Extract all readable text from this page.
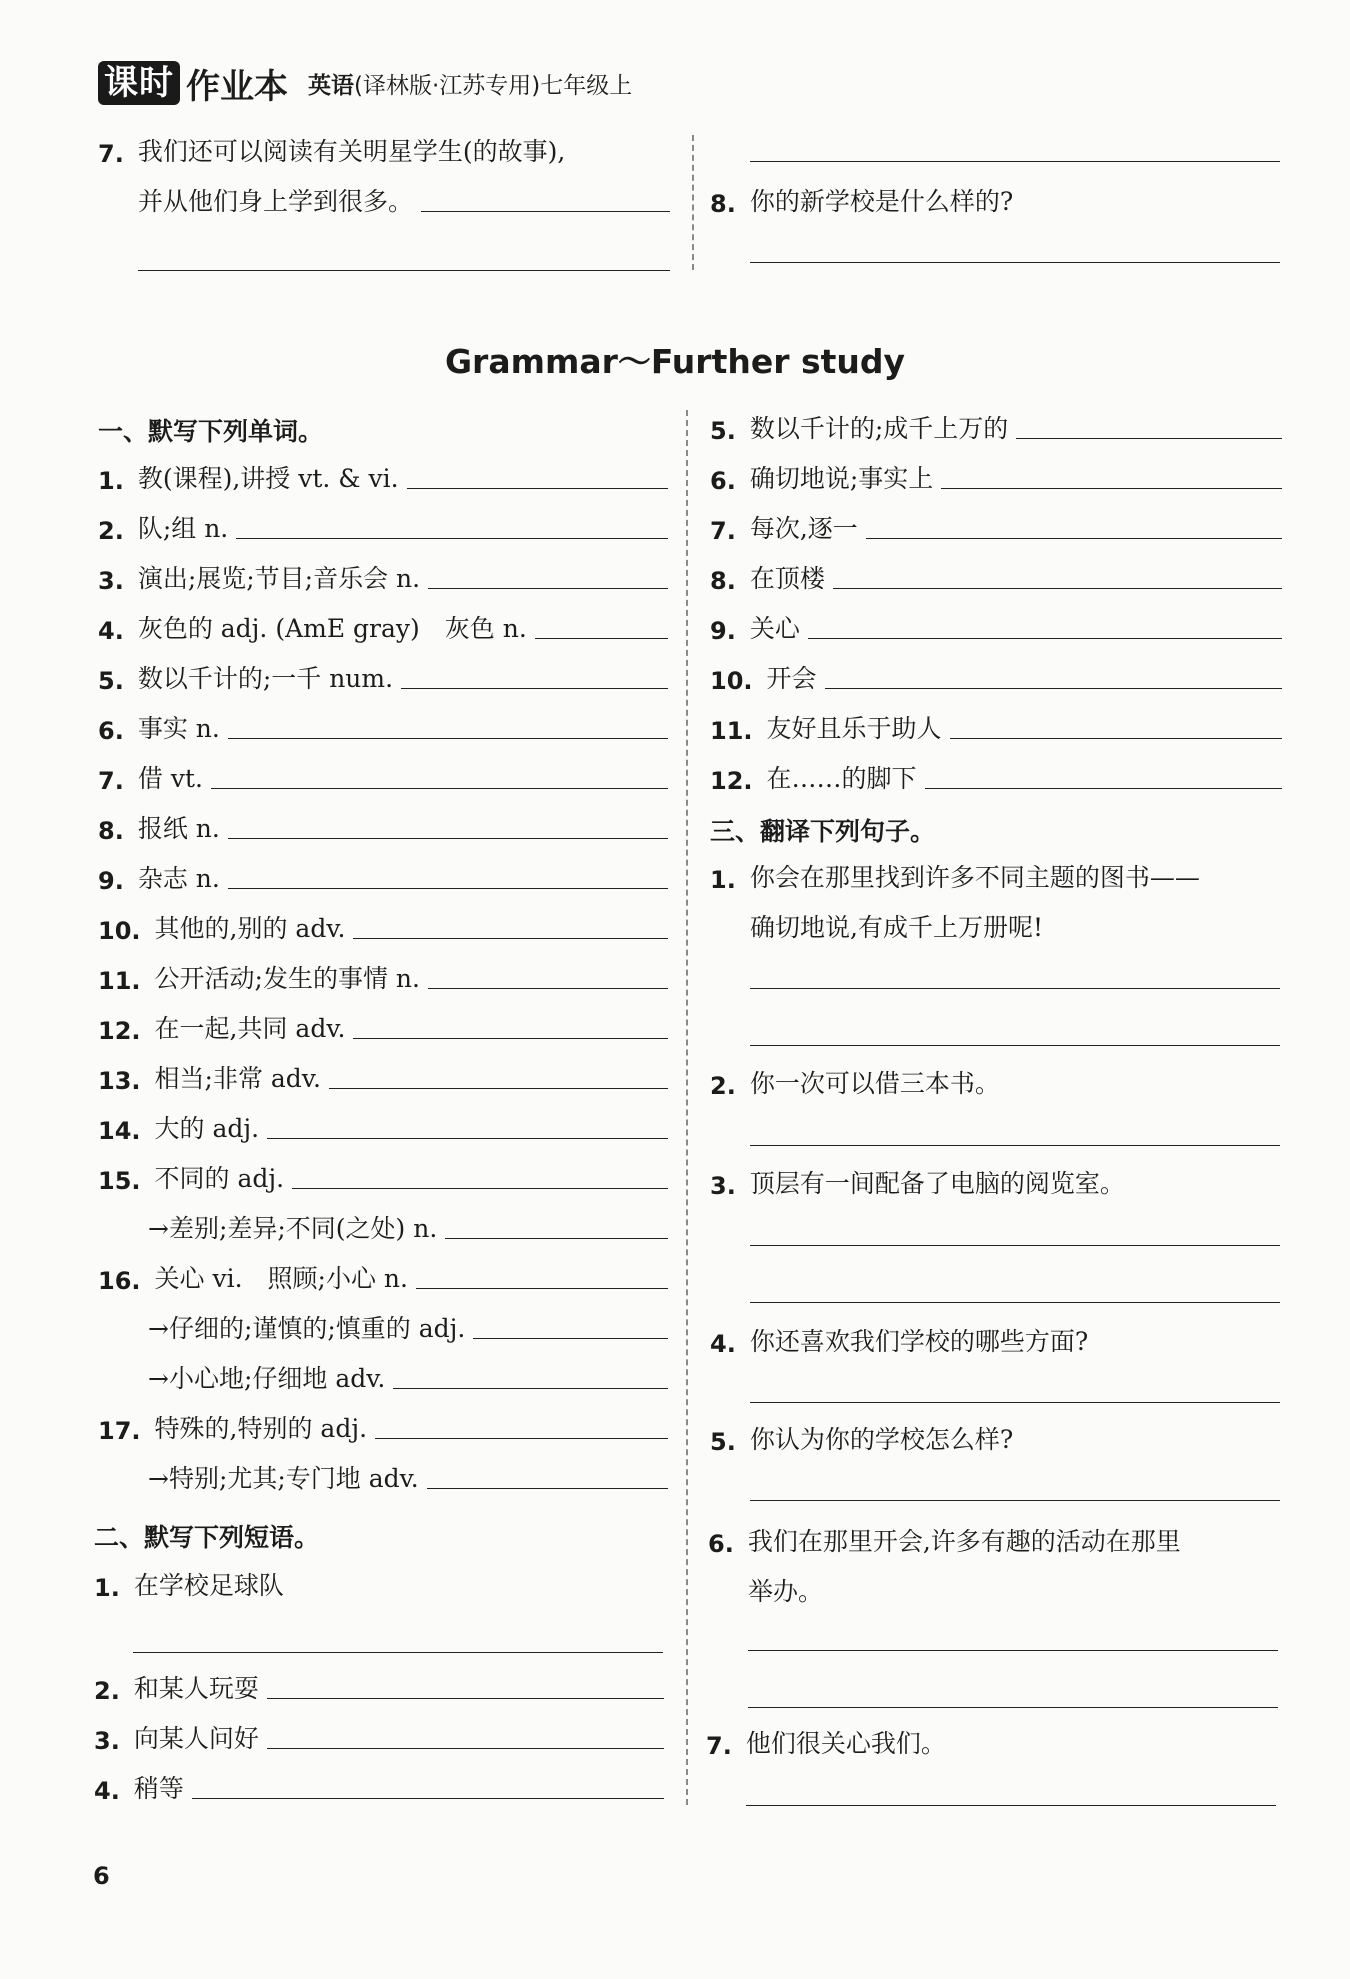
课时 作业本 英语(译林版·江苏专用)七年级上
7. 我们还可以阅读有关明星学生(的故事),
并从他们身上学到很多。	8. 你的新学校是什么样的?
Grammar～Further study
一、默写下列单词。
1. 教(课程),讲授 vt. & vi.
2. 队;组 n.
3. 演出;展览;节目;音乐会 n.
4. 灰色的 adj. (AmE gray)　灰色 n.
5. 数以千计的;一千 num.
6. 事实 n.
7. 借 vt.
8. 报纸 n.
9. 杂志 n.
10. 其他的,别的 adv.
11. 公开活动;发生的事情 n.
12. 在一起,共同 adv.
13. 相当;非常 adv.
14. 大的 adj.
15. 不同的 adj.
→差别;差异;不同(之处) n.
16. 关心 vi.　照顾;小心 n.
→仔细的;谨慎的;慎重的 adj.
→小心地;仔细地 adv.
17. 特殊的,特别的 adj.
→特别;尤其;专门地 adv.
二、默写下列短语。
1. 在学校足球队
2. 和某人玩耍
3. 向某人问好
4. 稍等
5. 数以千计的;成千上万的
6. 确切地说;事实上
7. 每次,逐一
8. 在顶楼
9. 关心
10. 开会
11. 友好且乐于助人
12. 在……的脚下
三、翻译下列句子。
1. 你会在那里找到许多不同主题的图书——
确切地说,有成千上万册呢!
2. 你一次可以借三本书。
3. 顶层有一间配备了电脑的阅览室。
4. 你还喜欢我们学校的哪些方面?
5. 你认为你的学校怎么样?
6. 我们在那里开会,许多有趣的活动在那里
举办。
7. 他们很关心我们。
6
